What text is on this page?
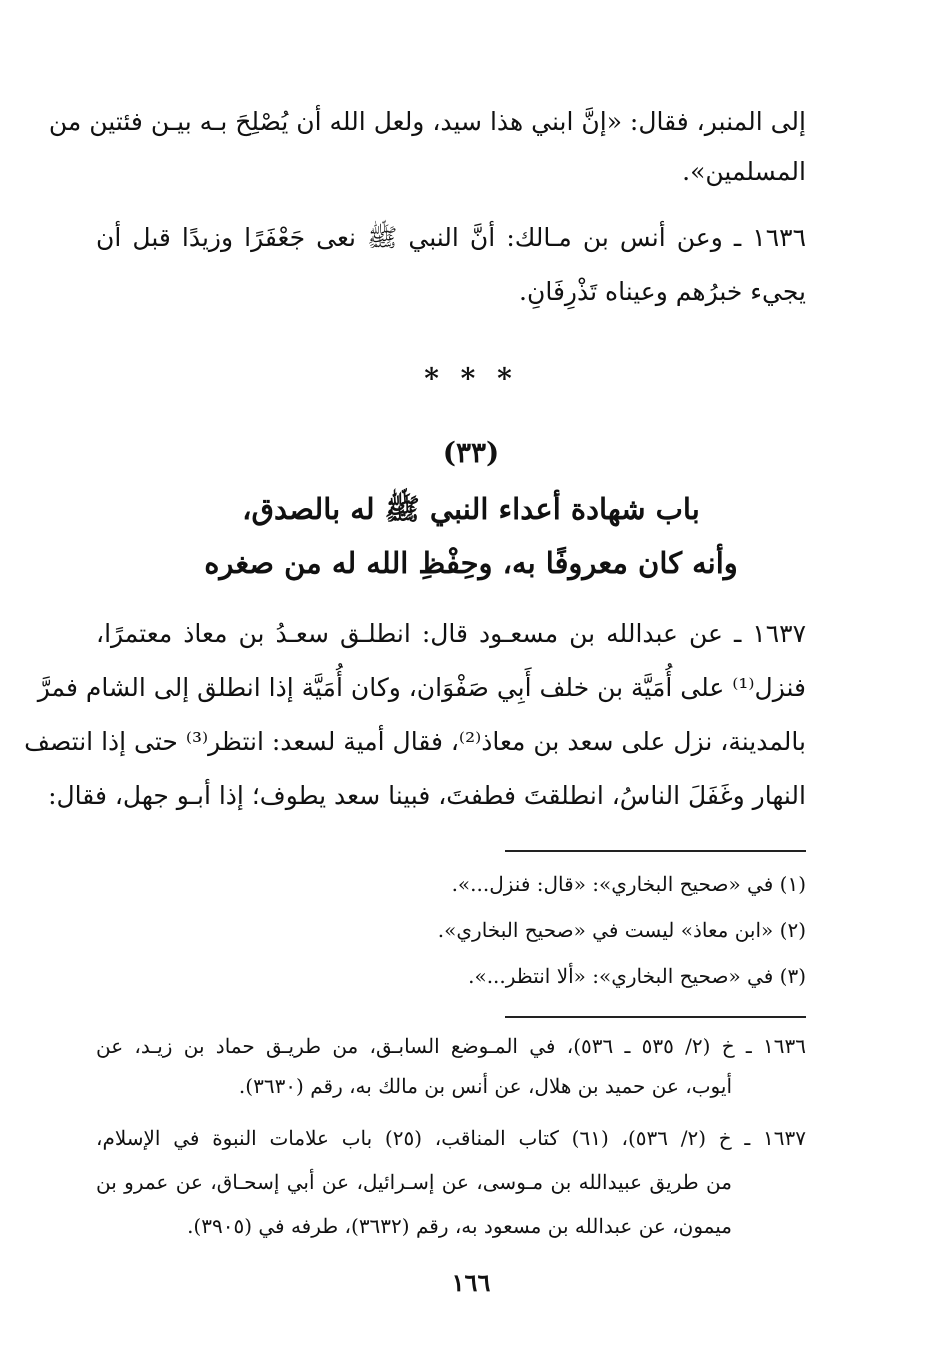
إلى المنبر، فقال: «إنَّ ابني هذا سيد، ولعل الله أن يُصْلِحَ بـه بيـن فئتين من
المسلمين».
١٦٣٦ ـ وعن أنس بن مـالك: أنَّ النبي ﷺ نعى جَعْفَرًا وزيدًا قبل أن
يجيء خبرُهم وعيناه تَذْرِفَانِ.
* * *
(٣٣)
باب شهادة أعداء النبي ﷺ له بالصدق،
وأنه كان معروفًا به، وحِفْظِ الله له من صغره
١٦٣٧ ـ عن عبدالله بن مسعـود قال: انطلـق سعـدُ بن معاذ معتمرًا،
فنزل⁽¹⁾ على أُمَيَّة بن خلف أَبِي صَفْوَان، وكان أُمَيَّة إذا انطلق إلى الشام فمرَّ
بالمدينة، نزل على سعد بن معاذ⁽²⁾، فقال أمية لسعد: انتظر⁽³⁾ حتى إذا انتصف
النهار وغَفَلَ الناسُ، انطلقتَ فطفتَ، فبينا سعد يطوف؛ إذا أبـو جهل، فقال:
(١) في «صحيح البخاري»: «قال: فنزل...».
(٢) «ابن معاذ» ليست في «صحيح البخاري».
(٣) في «صحيح البخاري»: «ألا انتظر...».
١٦٣٦ ـ خ (٢/ ٥٣٥ ـ ٥٣٦)، في المـوضع السابـق، من طريـق حماد بن زيـد، عن
أيوب، عن حميد بن هلال، عن أنس بن مالك به، رقم (٣٦٣٠).
١٦٣٧ ـ خ (٢/ ٥٣٦)، (٦١) كتاب المناقب، (٢٥) باب علامات النبوة في الإسلام،
من طريق عبيدالله بن مـوسى، عن إسـرائيل، عن أبي إسحـاق، عن عمرو بن
ميمون، عن عبدالله بن مسعود به، رقم (٣٦٣٢)، طرفه في (٣٩٠٥).
١٦٦
